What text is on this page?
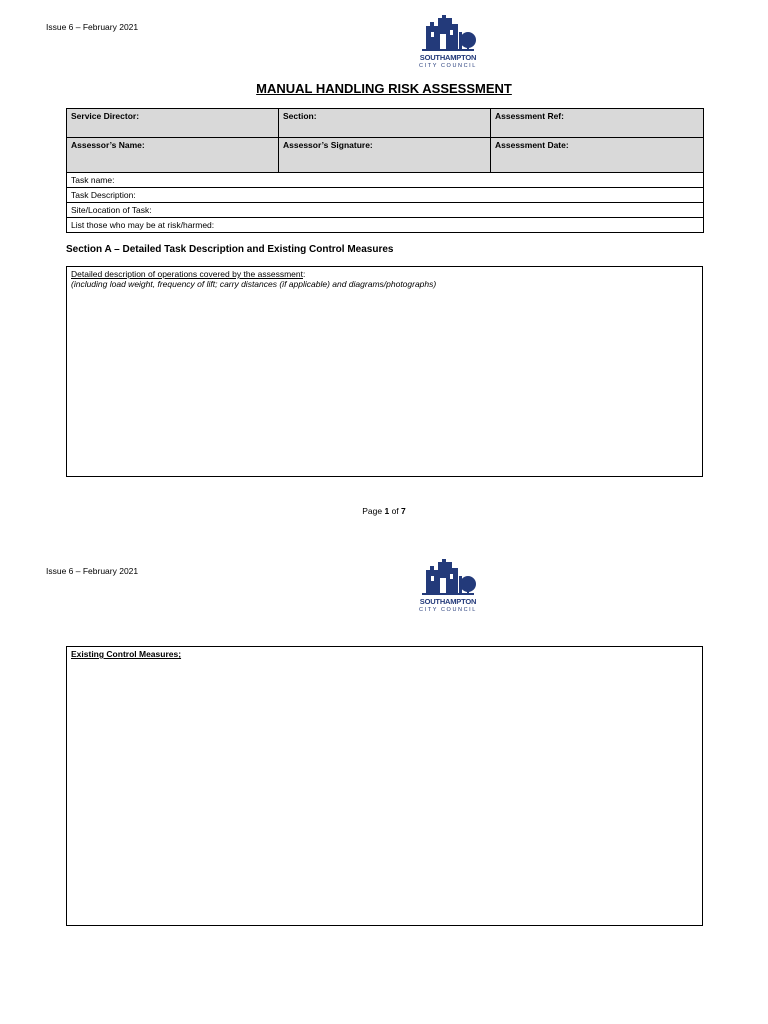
Issue 6 – February 2021
SOUTHAMPTON
CITY COUNCIL
MANUAL HANDLING RISK ASSESSMENT
Service Director:	Section:	Assessment Ref:
Assessor’s Name:	Assessor’s Signature:	Assessment Date:
Task name:		
Task Description:		
Site/Location of Task:		
List those who may be at risk/harmed:		
Section A – Detailed Task Description and Existing Control Measures
Detailed description of operations covered by the assessment:
(including load weight, frequency of lift; carry distances (if applicable) and diagrams/photographs)
Page 1 of 7
Issue 6 – February 2021
SOUTHAMPTON
CITY COUNCIL
Existing Control Measures;
